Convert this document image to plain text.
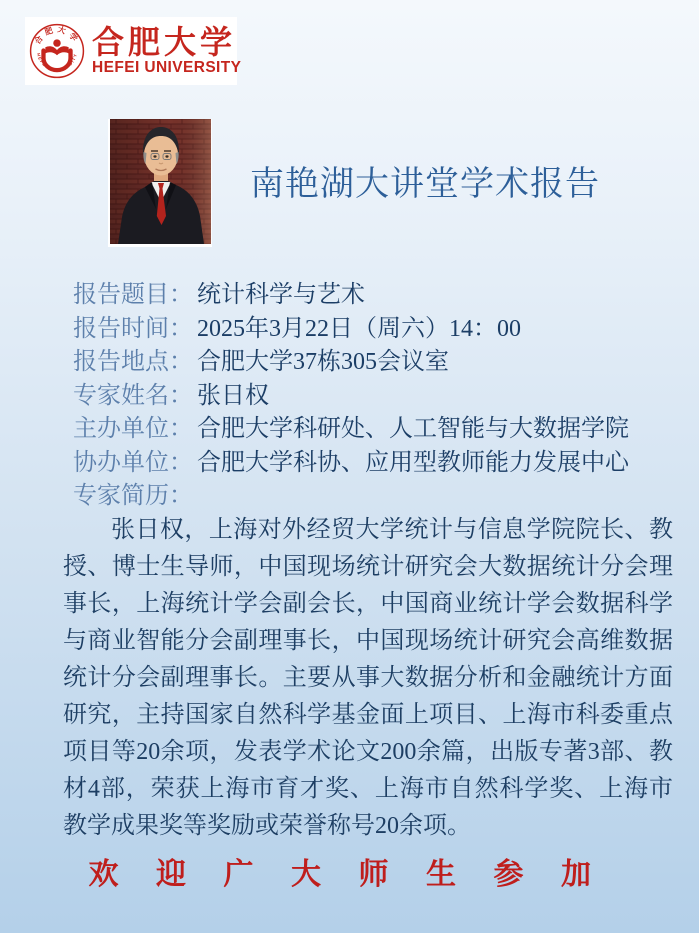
合肥大学
HEFEI UNIVERSITY 合肥大学
HEFEI UNIVERSITY
南艳湖大讲堂学术报告
报告题目： 统计科学与艺术
报告时间： 2025年3月22日（周六）14：00
报告地点： 合肥大学37栋305会议室
专家姓名： 张日权
主办单位： 合肥大学科研处、人工智能与大数据学院
协办单位： 合肥大学科协、应用型教师能力发展中心
专家简历：
张日权，上海对外经贸大学统计与信息学院院长、教授、博士生导师，中国现场统计研究会大数据统计分会理事长，上海统计学会副会长，中国商业统计学会数据科学与商业智能分会副理事长，中国现场统计研究会高维数据统计分会副理事长。主要从事大数据分析和金融统计方面研究，主持国家自然科学基金面上项目、上海市科委重点项目等20余项，发表学术论文200余篇，出版专著3部、教材4部，荣获上海市育才奖、上海市自然科学奖、上海市教学成果奖等奖励或荣誉称号20余项。
欢迎广大师生参加
